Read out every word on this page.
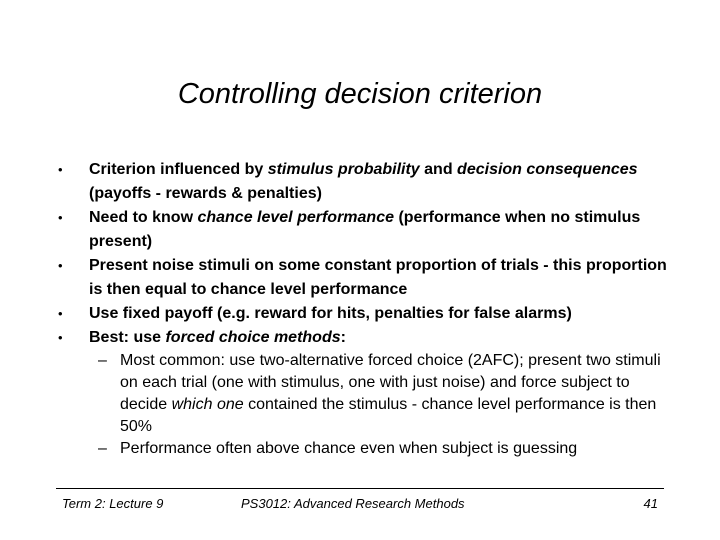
Controlling decision criterion
• Criterion influenced by stimulus probability and decision consequences (payoffs - rewards & penalties)
• Need to know chance level performance (performance when no stimulus present)
• Present noise stimuli on some constant proportion of trials - this proportion is then equal to chance level performance
• Use fixed payoff (e.g. reward for hits, penalties for false alarms)
• Best: use forced choice methods:
– Most common: use two-alternative forced choice (2AFC); present two stimuli on each trial (one with stimulus, one with just noise) and force subject to decide which one contained the stimulus - chance level performance is then 50%
– Performance often above chance even when subject is guessing
Term 2: Lecture 9	PS3012: Advanced Research Methods	41
